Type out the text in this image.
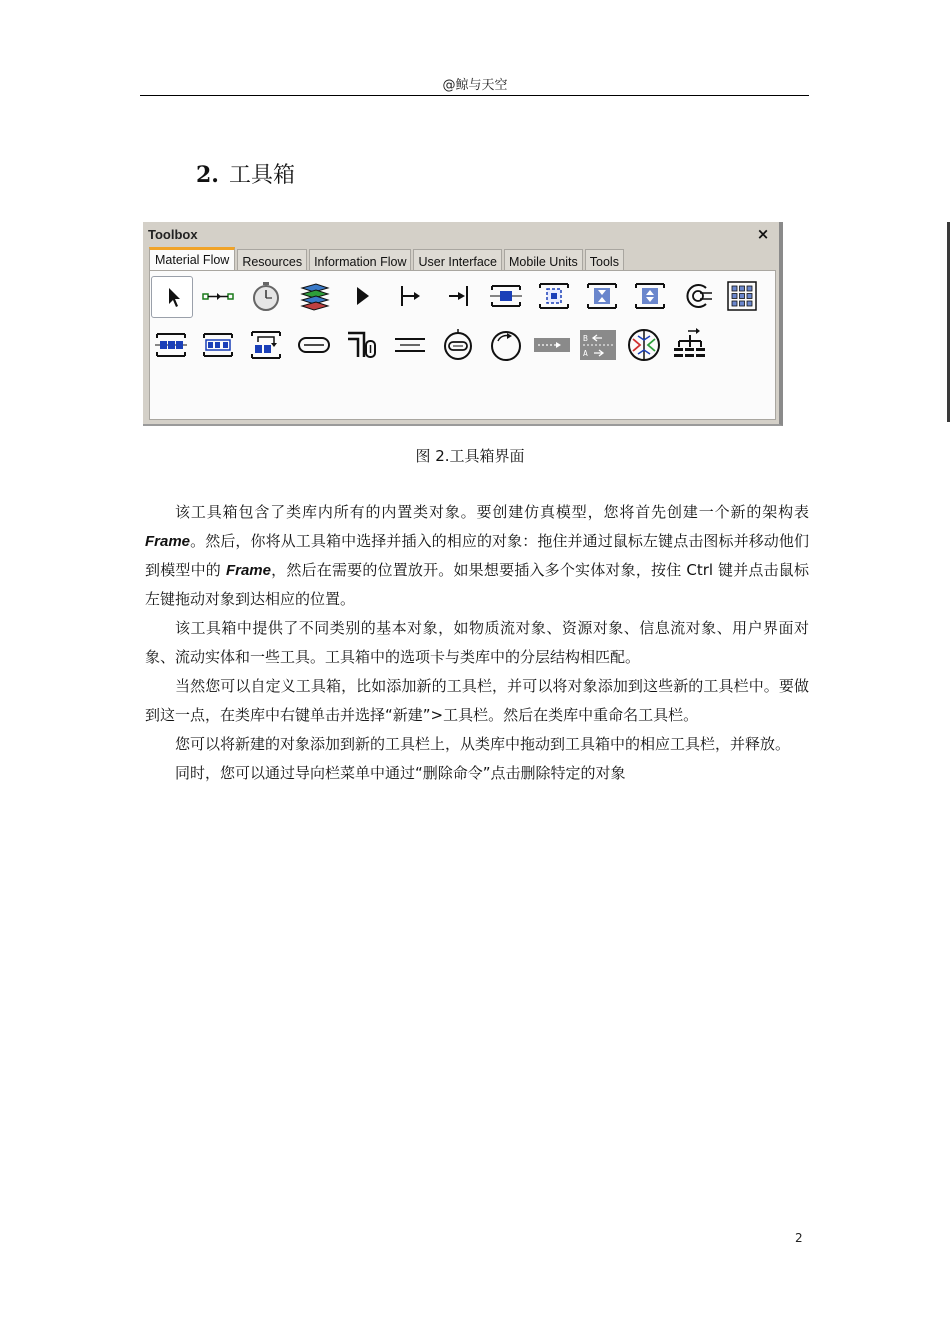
@鲸与天空
2. 工具箱
Toolbox	×
Material Flow	Resources Information Flow User Interface Mobile Units Tools
B
A
图 2.工具箱界面

该工具箱包含了类库内所有的内置类对象。要创建仿真模型，您将首先创建一个新的架构表 Frame。然后，你将从工具箱中选择并插入的相应的对象：拖住并通过鼠标左键点击图标并移动他们到模型中的 Frame，然后在需要的位置放开。如果想要插入多个实体对象，按住 Ctrl 键并点击鼠标左键拖动对象到达相应的位置。

该工具箱中提供了不同类别的基本对象，如物质流对象、资源对象、信息流对象、用户界面对象、流动实体和一些工具。工具箱中的选项卡与类库中的分层结构相匹配。

当然您可以自定义工具箱，比如添加新的工具栏，并可以将对象添加到这些新的工具栏中。要做到这一点，在类库中右键单击并选择“新建”>工具栏。然后在类库中重命名工具栏。

您可以将新建的对象添加到新的工具栏上，从类库中拖动到工具箱中的相应工具栏，并释放。

同时，您可以通过导向栏菜单中通过“删除命令”点击删除特定的对象

2
